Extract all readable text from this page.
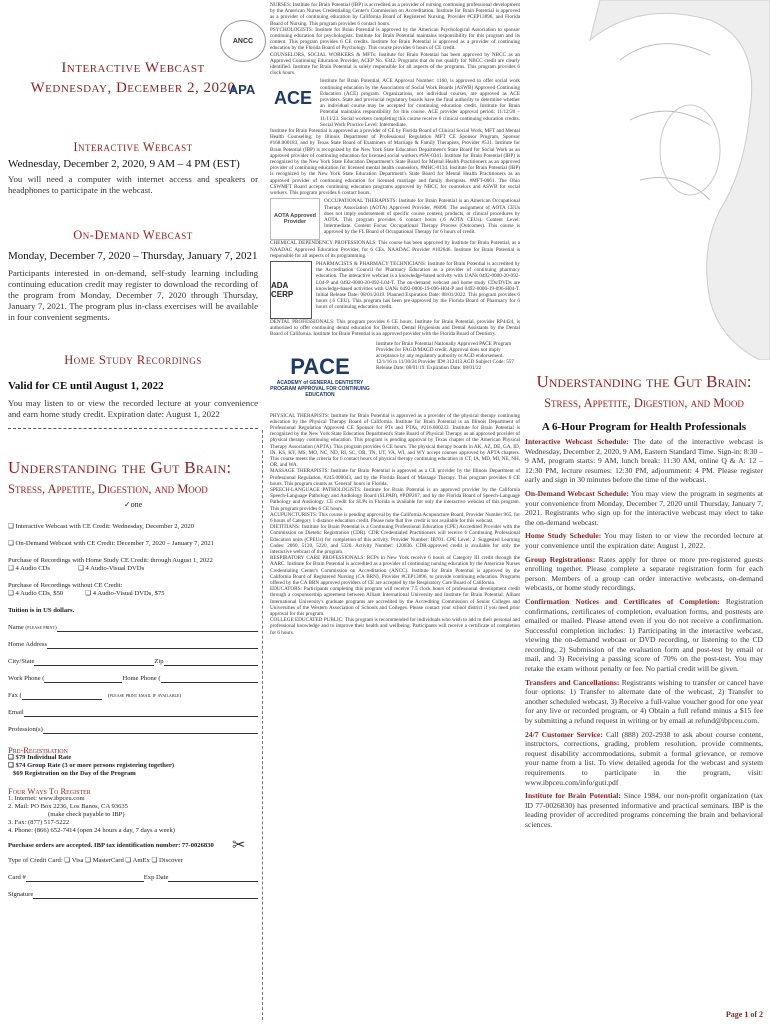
Interactive Webcast
Wednesday, December 2, 2020
Interactive Webcast
Wednesday, December 2, 2020, 9 AM – 4 PM (EST)
You will need a computer with internet access and speakers or headphones to participate in the webcast.
On-Demand Webcast
Monday, December 7, 2020 – Thursday, January 7, 2021
Participants interested in on-demand, self-study learning including continuing education credit may register to download the recording of the program from Monday, December 7, 2020 through Thursday, January 7, 2021. The program plus in-class exercises will be available in four convenient segments.
Home Study Recordings
Valid for CE until August 1, 2022
You may listen to or view the recorded lecture at your convenience and earn home study credit. Expiration date: August 1, 2022
Understanding the Gut Brain:
Stress, Appetite, Digestion, and Mood
✓one
❑ Interactive Webcast with CE Credit: Wednesday, December 2, 2020
❑ On-Demand Webcast with CE Credit: December 7, 2020 – January 7, 2021
Purchase of Recordings with Home Study CE Credit: through August 1, 2022
❑ 4 Audio CDs	❑ 4 Audio-Visual DVDs
Purchase of Recordings without CE Credit:
❑ 4 Audio CDs, $50	❑ 4 Audio-Visual DVDs, $75
Tuition is in US dollars.
Name
(please print)
Home Address
City/State	Zip
Work Phone (	Home Phone (
Fax (	(please print email if available)
Email
Profession(s)
Pre-Registration
❑ $79 Individual Rate
❑ $74 Group Rate (3 or more persons registering together)
$69 Registration on the Day of the Program
Four Ways To Register
1. Internet: www.ibpceu.com
2. Mail: PO Box 2236, Los Banos, CA 93635
(make check payable to IBP)
3. Fax: (877) 517-5222
4. Phone: (866) 652-7414 (open 24 hours a day, 7 days a week)
Purchase orders are accepted. IBP tax identification number: 77-0026830
Type of Credit Card: ❑ Visa ❑ MasterCard ❑ AmEx ❑ Discover
Card #	Exp Date
Signature
✂
ANCC
APA
NURSES: Institute for Brain Potential (IBP) is accredited as a provider of nursing continuing professional development by the American Nurses Credentialing Center's Commission on Accreditation. Institute for Brain Potential is approved as a provider of continuing education by California Board of Registered Nursing, Provider #CEP13896, and Florida Board of Nursing. This program provides 6 contact hours.
PSYCHOLOGISTS: Institute for Brain Potential is approved by the American Psychological Association to sponsor continuing education for psychologists. Institute for Brain Potential maintains responsibility for this program and its content. This program provides 6 CE credits. Institute for Brain Potential is approved as a provider of continuing education by the Florida Board of Psychology. This course provides 6 hours of CE credit.
COUNSELORS, SOCIAL WORKERS & MFTs: Institute for Brain Potential has been approved by NBCC as an Approved Continuing Education Provider, ACEP No. 6342. Programs that do not qualify for NBCC credit are clearly identified. Institute for Brain Potential is solely responsible for all aspects of the programs. This program provides 6 clock hours.
ACE
Institute for Brain Potential, ACE Approval Number: 1160, is approved to offer social work continuing education by the Association of Social Work Boards (ASWB) Approved Continuing Education (ACE) program. Organizations, not individual courses, are approved as ACE providers. State and provincial regulatory boards have the final authority to determine whether an individual course may be accepted for continuing education credit. Institute for Brain Potential maintains responsibility for this course. ACE provider approval period: 11/12/20 – 11/11/23. Social workers completing this course receive 6 clinical continuing education credits. Social Work Practice Level: Intermediate.
Institute for Brain Potential is approved as a provider of CE by Florida Board of Clinical Social Work, MFT and Mental Health Counseling; by Illinois Department of Professional Regulation MFT CE Sponsor Program, Sponsor #168.000183, and by Texas State Board of Examiners of Marriage & Family Therapists, Provider #531. Institute for Brain Potential (IBP) is recognized by the New York State Education Department's State Board for Social Work as an approved provider of continuing education for licensed social workers #SW-0341. Institute for Brain Potential (IBP) is recognized by the New York State Education Department's State Board for Mental Health Practitioners as an approved provider of continuing education for licensed mental health counselors. #MHC-0134. Institute for Brain Potential (IBP) is recognized by the New York State Education Department's State Board for Mental Health Practitioners as an approved provider of continuing education for licensed marriage and family therapists. #MFT-0061. The Ohio CSWMFT Board accepts continuing education programs approved by NBCC for counselors and ASWB for social workers. This program provides 6 contact hours.
AOTA Approved Provider
OCCUPATIONAL THERAPISTS: Institute for Brain Potential is an American Occupational Therapy Association (AOTA) Approved Provider, #6090. The assignment of AOTA CEUs does not imply endorsement of specific course content, products, or clinical procedures by AOTA. This program provides 6 contact hours (.6 AOTA CEUs). Content Level: Intermediate. Content Focus: Occupational Therapy Process (Outcomes). This course is approved by the FL Board of Occupational Therapy for 6 hours of credit.
CHEMICAL DEPENDENCY PROFESSIONALS: This course has been approved by Institute for Brain Potential, as a NAADAC Approved Education Provider, for 6 CEs. NAADAC Provider #102646. Institute for Brain Potential is responsible for all aspects of its programming.
ADA CERP
PHARMACISTS & PHARMACY TECHNICIANS: Institute for Brain Potential is accredited by the Accreditation Council for Pharmacy Education as a provider of continuing pharmacy education. The interactive webcast is a knowledge-based activity with UANs 0492-0000-20-092-L04-P and 0492-0000-20-092-L04-T. The on-demand webcast and home study CDs/DVDs are knowledge-based activities with UANs 0492-0000-19-096-H04-P and 0492-0000-19-096-H04-T. Initial Release Date: 08/01/2019. Planned Expiration Date: 08/01/2022. This program provides 6 hours (.6 CEU). This program has been pre-approved by the Florida Board of Pharmacy for 6 hours of continuing education credit.
DENTAL PROFESSIONALS: This program provides 6 CE hours. Institute for Brain Potential, provider RP4424, is authorized to offer continuing dental education for Dentists, Dental Hygienists and Dental Assistants by the Dental Board of California. Institute for Brain Potential is an approved provider with the Florida Board of Dentistry.
PACE
ACADEMY of GENERAL DENTISTRY PROGRAM APPROVAL FOR CONTINUING EDUCATION
Institute for Brain Potential Nationally Approved PACE Program Provider for FAGD/MAGD credit. Approval does not imply acceptance by any regulatory authority or AGD endorsement. 12/1/16 to 11/30/24 Provider ID# 312413 AGD Subject Code: 557 Release Date: 08/01/19. Expiration Date: 08/01/22
PHYSICAL THERAPISTS: Institute for Brain Potential is approved as a provider of the physical therapy continuing education by the Physical Therapy Board of California. Institute for Brain Potential is an Illinois Department of Professional Regulation Approved CE Sponsor for PTs and PTAs, #216.000233. Institute for Brain Potential is recognized by the New York State Education Department's State Board of Physical Therapy as an approved provider of physical therapy continuing education. This program is pending approval by Texas chapter of the American Physical Therapy Association (APTA). This program provides 6 CE hours. The physical therapy boards in AK, AZ, DE, GA, ID, IN, KS, KY, MS, MO, NC, ND, RI, SC, OR, TN, UT, VA, WI, and WY accept courses approved by APTA chapters. This course meets the criteria for 6 contact hours of physical therapy continuing education in CT, IA, MD, MI, NE, NH, OR, and WA.
MASSAGE THERAPISTS: Institute for Brain Potential is approved as a CE provider by the Illinois Department of Professional Regulation, #245.000043, and by the Florida Board of Massage Therapy. This program provides 6 CE hours. This program counts as 'General' hours in Florida.
SPEECH-LANGUAGE PATHOLOGISTS: Institute for Brain Potential is an approved provider by the California Speech-Language Pathology and Audiology Board (SLPAB), #PDP267, and by the Florida Board of Speech-Language Pathology and Audiology. CE credit for SLPs in Florida is available for only the interactive webcast of this program. This program provides 6 CE hours.
ACUPUNCTURISTS: This course is pending approval by the California Acupuncture Board, Provider Number 965, for 6 hours of Category 1 distance education credit. Please note that live credit is not available for this webcast.
DIETITIANS: Institute for Brain Potential is a Continuing Professional Education (CPE) Accredited Provider with the Commission on Dietetic Registration (CDR). CDR Credentialed Practitioners will receive 6 Continuing Professional Education units (CPEUs) for completion of this activity. Provider Number: IB701. CPE Level: 2. Suggested Learning Codes: 2060, 5120, 5220, and 5320. Activity Number: 120836. CDR-approved credit is available for only the interactive webcast of the program.
RESPIRATORY CARE PROFESSIONALS: RCPs in New York receive 6 hours of Category III credit through the AARC. Institute for Brain Potential is accredited as a provider of continuing nursing education by the American Nurses Credentialing Center's Commission on Accreditation (ANCC). Institute for Brain Potential is approved by the California Board of Registered Nursing (CA BRN), Provider #CEP13896, to provide continuing education. Programs offered by the CA BRN approved providers of CE are accepted by the Respiratory Care Board of California.
EDUCATORS: Participants completing this program will receive 7.5 clock hours of professional development credit through a cosponsorship agreement between Alliant International University and Institute for Brain Potential. Alliant International University's graduate programs are accredited by the Accrediting Commission of Senior Colleges and Universities of the Western Association of Schools and Colleges. Please contact your school district if you need prior approval for this program.
COLLEGE EDUCATED PUBLIC: This program is recommended for individuals who wish to add to their personal and professional knowledge and to improve their health and wellbeing. Participants will receive a certificate of completion for 6 hours.
Understanding the Gut Brain:
Stress, Appetite, Digestion, and Mood
A 6-Hour Program for Health Professionals
Interactive Webcast Schedule: The date of the interactive webcast is Wednesday, December 2, 2020, 9 AM, Eastern Standard Time. Sign-in: 8:30 – 9 AM, program starts: 9 AM, lunch break: 11:30 AM, online Q & A: 12 – 12:30 PM, lecture resumes: 12:30 PM, adjournment: 4 PM. Please register early and sign in 30 minutes before the time of the webcast.
On-Demand Webcast Schedule: You may view the program in segments at your convenience from Monday, December 7, 2020 until Thursday, January 7, 2021. Registrants who sign up for the interactive webcast may elect to take the on-demand webcast.
Home Study Schedule: You may listen to or view the recorded lecture at your convenience until the expiration date: August 1, 2022.
Group Registrations: Rates apply for three or more pre-registered guests enrolling together. Please complete a separate registration form for each person. Members of a group can order interactive webcasts, on-demand webcasts, or home study recordings.
Confirmation Notices and Certificates of Completion: Registration confirmations, certificates of completion, evaluation forms, and posttests are emailed or mailed. Please attend even if you do not receive a confirmation. Successful completion includes: 1) Participating in the interactive webcast, viewing the on-demand webcast or DVD recording, or listening to the CD recording, 2) Submission of the evaluation form and post-test by email or mail, and 3) Receiving a passing score of 70% on the post-test. You may retake the exam without penalty or fee. No partial credit will be given.
Transfers and Cancellations: Registrants wishing to transfer or cancel have four options: 1) Transfer to alternate date of the webcast, 2) Transfer to another scheduled webcast, 3) Receive a full-value voucher good for one year for any live or recorded program, or 4) Obtain a full refund minus a $15 fee by submitting a refund request in writing or by email at refund@ibpceu.com.
24/7 Customer Service: Call (888) 202-2938 to ask about course content, instructors, corrections, grading, problem resolution, provide comments, request disability accommodations, submit a formal grievance, or remove your name from a list. To view detailed agenda for the webcast and system requirements to participate in the program, visit: www.ibpceu.com/info/guti.pdf
Institute for Brain Potential: Since 1984, our non-profit organization (tax ID 77-0026830) has presented informative and practical seminars. IBP is the leading provider of accredited programs concerning the brain and behavioral sciences.
Page 1 of 2
